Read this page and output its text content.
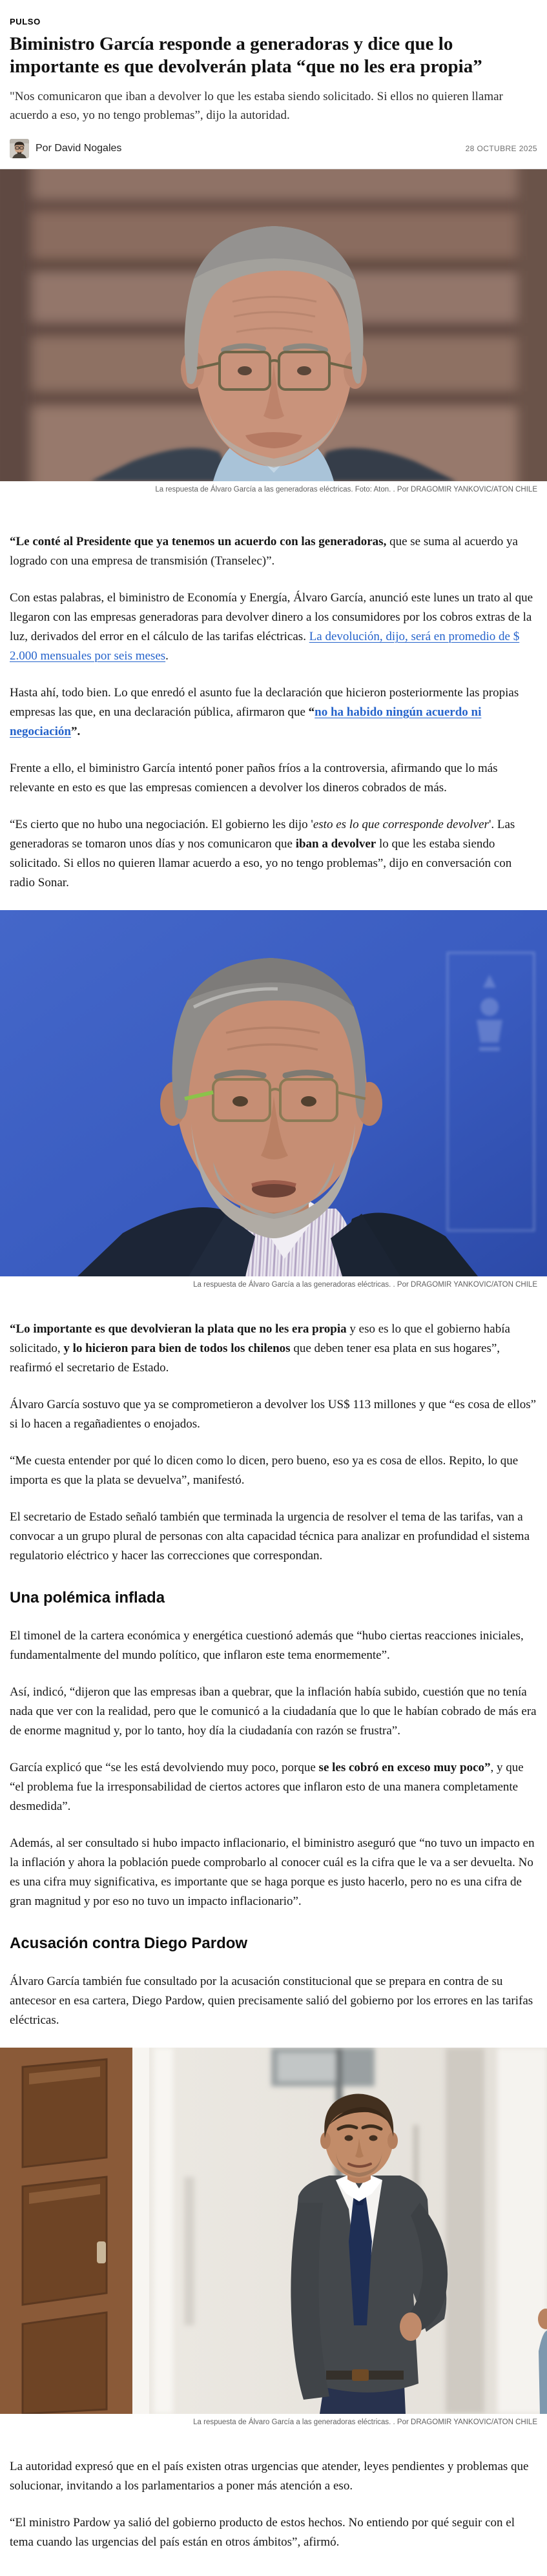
PULSO
Biministro García responde a generadoras y dice que lo importante es que devolverán plata “que no les era propia”

"Nos comunicaron que iban a devolver lo que les estaba siendo solicitado. Si ellos no quieren llamar acuerdo a eso, yo no tengo problemas”, dijo la autoridad.

Por David Nogales	28 OCTUBRE 2025
La respuesta de Álvaro García a las generadoras eléctricas. Foto: Aton. . Por DRAGOMIR YANKOVIC/ATON CHILE

“Le conté al Presidente que ya tenemos un acuerdo con las generadoras, que se suma al acuerdo ya logrado con una empresa de transmisión (Transelec)”.

Con estas palabras, el biministro de Economía y Energía, Álvaro García, anunció este lunes un trato al que llegaron con las empresas generadoras para devolver dinero a los consumidores por los cobros extras de la luz, derivados del error en el cálculo de las tarifas eléctricas. La devolución, dijo, será en promedio de $ 2.000 mensuales por seis meses.

Hasta ahí, todo bien. Lo que enredó el asunto fue la declaración que hicieron posteriormente las propias empresas las que, en una declaración pública, afirmaron que “no ha habido ningún acuerdo ni negociación”.

Frente a ello, el biministro García intentó poner paños fríos a la controversia, afirmando que lo más relevante en esto es que las empresas comiencen a devolver los dineros cobrados de más.

“Es cierto que no hubo una negociación. El gobierno les dijo 'esto es lo que corresponde devolver'. Las generadoras se tomaron unos días y nos comunicaron que iban a devolver lo que les estaba siendo solicitado. Si ellos no quieren llamar acuerdo a eso, yo no tengo problemas”, dijo en conversación con radio Sonar.

La respuesta de Álvaro García a las generadoras eléctricas. . Por DRAGOMIR YANKOVIC/ATON CHILE

“Lo importante es que devolvieran la plata que no les era propia y eso es lo que el gobierno había solicitado, y lo hicieron para bien de todos los chilenos que deben tener esa plata en sus hogares”, reafirmó el secretario de Estado.

Álvaro García sostuvo que ya se comprometieron a devolver los US$ 113 millones y que “es cosa de ellos” si lo hacen a regañadientes o enojados.

“Me cuesta entender por qué lo dicen como lo dicen, pero bueno, eso ya es cosa de ellos. Repito, lo que importa es que la plata se devuelva”, manifestó.

El secretario de Estado señaló también que terminada la urgencia de resolver el tema de las tarifas, van a convocar a un grupo plural de personas con alta capacidad técnica para analizar en profundidad el sistema regulatorio eléctrico y hacer las correcciones que correspondan.

Una polémica inflada

El timonel de la cartera económica y energética cuestionó además que “hubo ciertas reacciones iniciales, fundamentalmente del mundo político, que inflaron este tema enormemente”.

Así, indicó, “dijeron que las empresas iban a quebrar, que la inflación había subido, cuestión que no tenía nada que ver con la realidad, pero que le comunicó a la ciudadanía que lo que le habían cobrado de más era de enorme magnitud y, por lo tanto, hoy día la ciudadanía con razón se frustra”.

García explicó que “se les está devolviendo muy poco, porque se les cobró en exceso muy poco”, y que “el problema fue la irresponsabilidad de ciertos actores que inflaron esto de una manera completamente desmedida”.

Además, al ser consultado si hubo impacto inflacionario, el biministro aseguró que “no tuvo un impacto en la inflación y ahora la población puede comprobarlo al conocer cuál es la cifra que le va a ser devuelta. No es una cifra muy significativa, es importante que se haga porque es justo hacerlo, pero no es una cifra de gran magnitud y por eso no tuvo un impacto inflacionario”.

Acusación contra Diego Pardow

Álvaro García también fue consultado por la acusación constitucional que se prepara en contra de su antecesor en esa cartera, Diego Pardow, quien precisamente salió del gobierno por los errores en las tarifas eléctricas.

La respuesta de Álvaro García a las generadoras eléctricas. . Por DRAGOMIR YANKOVIC/ATON CHILE

La autoridad expresó que en el país existen otras urgencias que atender, leyes pendientes y problemas que solucionar, invitando a los parlamentarios a poner más atención a eso.

“El ministro Pardow ya salió del gobierno producto de estos hechos. No entiendo por qué seguir con el tema cuando las urgencias del país están en otros ámbitos”, afirmó.
